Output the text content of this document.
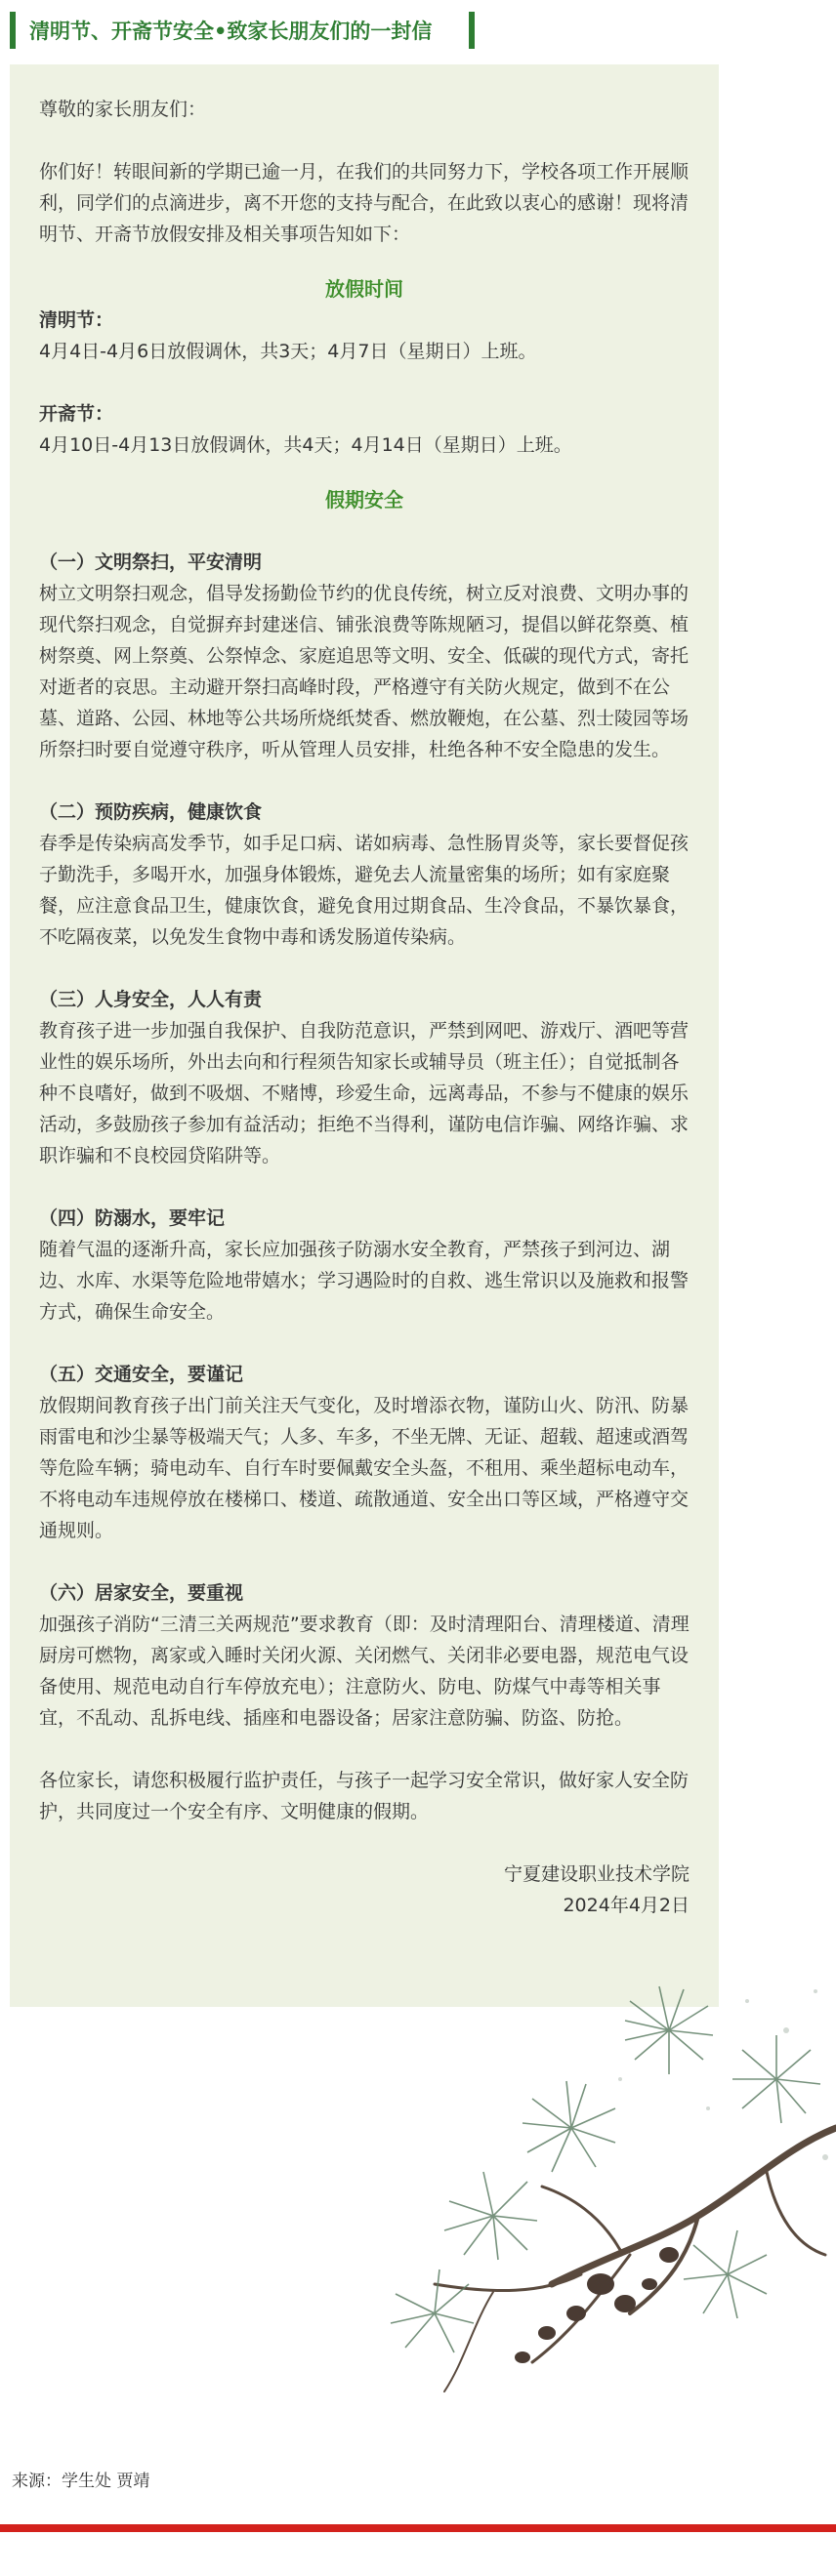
清明节、开斋节安全•致家长朋友们的一封信

尊敬的家长朋友们：

你们好！转眼间新的学期已逾一月，在我们的共同努力下，学校各项工作开展顺利，同学们的点滴进步，离不开您的支持与配合，在此致以衷心的感谢！现将清明节、开斋节放假安排及相关事项告知如下：

放假时间

清明节：

4月4日-4月6日放假调休，共3天；4月7日（星期日）上班。

开斋节：

4月10日-4月13日放假调休，共4天；4月14日（星期日）上班。

假期安全

（一）文明祭扫，平安清明

树立文明祭扫观念，倡导发扬勤俭节约的优良传统，树立反对浪费、文明办事的现代祭扫观念，自觉摒弃封建迷信、铺张浪费等陈规陋习，提倡以鲜花祭奠、植树祭奠、网上祭奠、公祭悼念、家庭追思等文明、安全、低碳的现代方式，寄托对逝者的哀思。主动避开祭扫高峰时段，严格遵守有关防火规定，做到不在公墓、道路、公园、林地等公共场所烧纸焚香、燃放鞭炮，在公墓、烈士陵园等场所祭扫时要自觉遵守秩序，听从管理人员安排，杜绝各种不安全隐患的发生。

（二）预防疾病，健康饮食

春季是传染病高发季节，如手足口病、诺如病毒、急性肠胃炎等，家长要督促孩子勤洗手，多喝开水，加强身体锻炼，避免去人流量密集的场所；如有家庭聚餐，应注意食品卫生，健康饮食，避免食用过期食品、生冷食品，不暴饮暴食，不吃隔夜菜，以免发生食物中毒和诱发肠道传染病。

（三）人身安全，人人有责

教育孩子进一步加强自我保护、自我防范意识，严禁到网吧、游戏厅、酒吧等营业性的娱乐场所，外出去向和行程须告知家长或辅导员（班主任）；自觉抵制各种不良嗜好，做到不吸烟、不赌博，珍爱生命，远离毒品，不参与不健康的娱乐活动，多鼓励孩子参加有益活动；拒绝不当得利，谨防电信诈骗、网络诈骗、求职诈骗和不良校园贷陷阱等。

（四）防溺水，要牢记

随着气温的逐渐升高，家长应加强孩子防溺水安全教育，严禁孩子到河边、湖边、水库、水渠等危险地带嬉水；学习遇险时的自救、逃生常识以及施救和报警方式，确保生命安全。

（五）交通安全，要谨记

放假期间教育孩子出门前关注天气变化，及时增添衣物，谨防山火、防汛、防暴雨雷电和沙尘暴等极端天气；人多、车多，不坐无牌、无证、超载、超速或酒驾等危险车辆；骑电动车、自行车时要佩戴安全头盔，不租用、乘坐超标电动车，不将电动车违规停放在楼梯口、楼道、疏散通道、安全出口等区域，严格遵守交通规则。

（六）居家安全，要重视

加强孩子消防“三清三关两规范”要求教育（即：及时清理阳台、清理楼道、清理厨房可燃物，离家或入睡时关闭火源、关闭燃气、关闭非必要电器，规范电气设备使用、规范电动自行车停放充电）；注意防火、防电、防煤气中毒等相关事宜，不乱动、乱拆电线、插座和电器设备；居家注意防骗、防盗、防抢。

各位家长，请您积极履行监护责任，与孩子一起学习安全常识，做好家人安全防护，共同度过一个安全有序、文明健康的假期。

宁夏建设职业技术学院

2024年4月2日

来源：学生处 贾靖
